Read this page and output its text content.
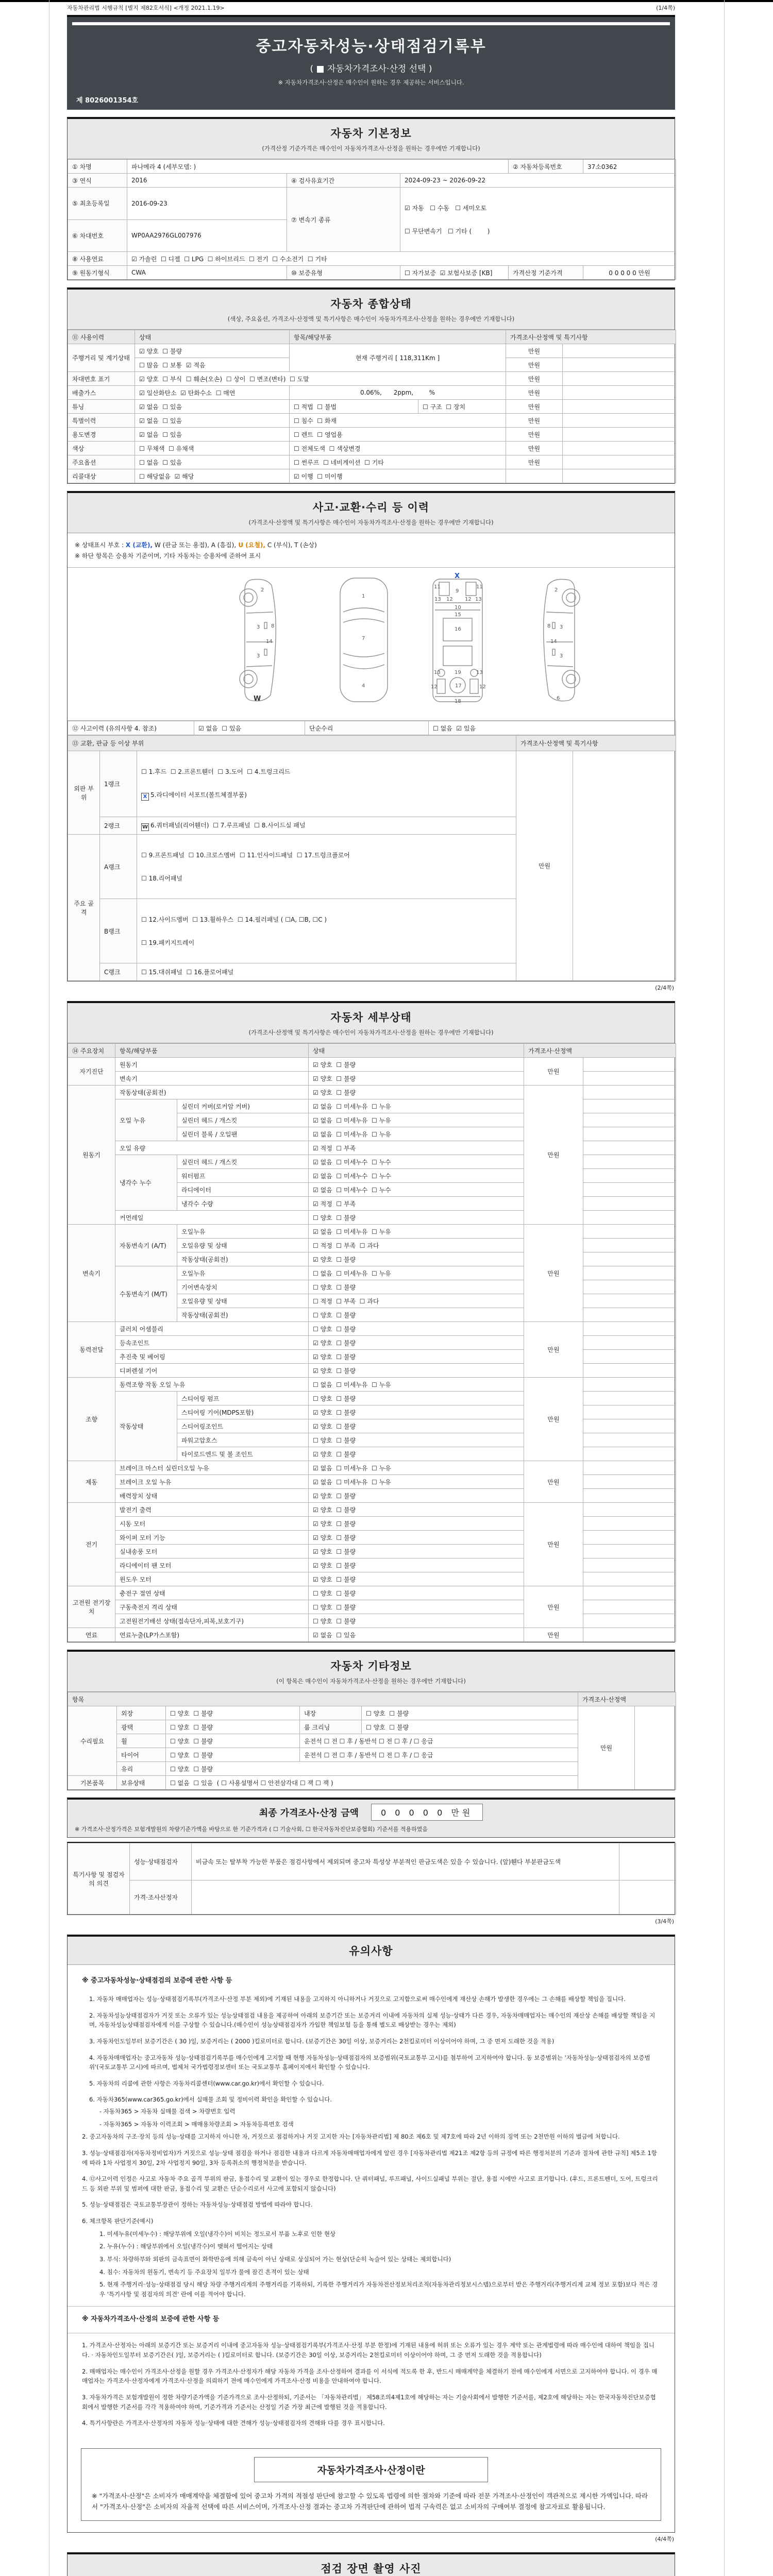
자동차관리법 시행규칙 [별지 제82호서식] <개정 2021.1.19>	(1/4쪽)
중고자동차성능·상태점검기록부
( ■ 자동차가격조사·산정 선택 )
※ 자동차가격조사·산정은 매수인이 원하는 경우 제공하는 서비스입니다.
제 8026001354호
자동차 기본정보
(가격산정 기준가격은 매수인이 자동차가격조사·산정을 원하는 경우에만 기재합니다)
① 차명	파나메라 4 (세부모델: )			② 자동차등록번호	37소0362
③ 연식	2016	④ 검사유효기간	2024-09-23 ~ 2026-09-22		
⑤ 최초등록일	2016-09-23	⑦ 변속기 종류	☑ 자동   ☐ 수동   ☐ 세미오토

☐ 무단변속기   ☐ 기타 (        )		

⑥ 차대번호	WP0AA2976GL007976				
⑧ 사용연료	☑ 가솔린  ☐ 디젤  ☐ LPG  ☐ 하이브리드  ☐ 전기  ☐ 수소전기  ☐ 기타				
⑨ 원동기형식	CWA	⑩ 보증유형	☐ 자가보증  ☑ 보험사보증 [KB]	가격산정 기준가격	0 0 0 0 0 만원
자동차 종합상태
(색상, 주요옵션, 가격조사·산정액 및 특기사항은 매수인이 자동차가격조사·산정을 원하는 경우에만 기재합니다)
⑪ 사용이력	상태	항목/해당부품		가격조사·산정액 및 특기사항	
주행거리 및 계기상태	☑ 양호  ☐ 불량	현재 주행거리 [ 118,311Km ]		만원	
	☐ 많음  ☐ 보통  ☑ 적음			만원	
차대번호 표기	☑ 양호  ☐ 부식  ☐ 훼손(오손)  ☐ 상이  ☐ 변조(변타)  ☐ 도말			만원	
배출가스	☑ 일산화탄소  ☑ 탄화수소  ☐ 매연	0.06%,      2ppm,        %		만원	
튜닝	☑ 없음  ☐ 있음	☐ 적법  ☐ 불법	☐ 구조  ☐ 장치	만원	
특별이력	☑ 없음  ☐ 있음	☐ 침수  ☐ 화재		만원	
용도변경	☑ 없음  ☐ 있음	☐ 렌트  ☐ 영업용		만원	
색상	☐ 무채색  ☐ 유채색	☐ 전체도색  ☐ 색상변경		만원	
주요옵션	☐ 없음  ☐ 있음	☐ 썬루프  ☐ 네비게이션  ☐ 기타		만원	
리콜대상	☐ 해당없음  ☑ 해당	☑ 이행  ☐ 미이행			
사고·교환·수리 등 이력
(가격조사·산정액 및 특기사항은 매수인이 자동차가격조사·산정을 원하는 경우에만 기재합니다)
※ 상태표시 부호 : X (교환), W (판금 또는 용접), A (흠집), U (요철), C (부식), T (손상)
※ 하단 항목은 승용차 기준이며, 기타 자동차는 승용차에 준하여 표시
2
8
3
14
3
1
7
4
11
9
11
13 12 12 13
10
15
16
13	19	13
12	17	12
18
2
8 3
14
3
6
X
W
⑫ 사고이력 (유의사항 4. 참조)	☑ 없음  ☐ 있음	단순수리	☐ 없음  ☑ 있음
⑬ 교환, 판금 등 이상 부위			가격조사·산정액 및 특기사항	
외판 부위	1랭크	☐ 1.후드  ☐ 2.프론트휀더  ☐ 3.도어  ☐ 4.트렁크리드

X 5.라디에이터 서포트(볼트체결부품)	만원	
	2랭크	W 6.쿼터패널(리어휀더)  ☐ 7.루프패널  ☐ 8.사이드실 패널		
주요 골격	A랭크	☐ 9.프론트패널  ☐ 10.크로스멤버  ☐ 11.인사이드패널  ☐ 17.트렁크플로어

☐ 18.리어패널		

	B랭크	☐ 12.사이드멤버  ☐ 13.휠하우스  ☐ 14.필러패널 ( ☐A, ☐B, ☐C )

☐ 19.패키지트레이		

	C랭크	☐ 15.대쉬패널  ☐ 16.플로어패널		
(2/4쪽)
자동차 세부상태
(가격조사·산정액 및 특기사항은 매수인이 자동차가격조사·산정을 원하는 경우에만 기재합니다)
⑭ 주요장치	항목/해당부품		상태	가격조사·산정액	
자기진단	원동기		☑ 양호  ☐ 불량	만원	
	변속기		☑ 양호  ☐ 불량		
원동기	작동상태(공회전)		☑ 양호  ☐ 불량	만원	
	오일 누유	실린더 커버(로커암 커버)	☑ 없음  ☐ 미세누유  ☐ 누유		
		실린더 헤드 / 개스킷	☑ 없음  ☐ 미세누유  ☐ 누유		
		실린더 블록 / 오일팬	☑ 없음  ☐ 미세누유  ☐ 누유		
	오일 유량		☑ 적정  ☐ 부족		
	냉각수 누수	실린더 헤드 / 개스킷	☑ 없음  ☐ 미세누수  ☐ 누수		
		워터펌프	☑ 없음  ☐ 미세누수  ☐ 누수		
		라디에이터	☑ 없음  ☐ 미세누수  ☐ 누수		
		냉각수 수량	☑ 적정  ☐ 부족		
	커먼레일		☐ 양호  ☐ 불량		
변속기	자동변속기 (A/T)	오일누유	☑ 없음  ☐ 미세누유  ☐ 누유	만원	
		오일유량 및 상태	☐ 적정  ☐ 부족  ☐ 과다		
		작동상태(공회전)	☑ 양호  ☐ 불량		
	수동변속기 (M/T)	오일누유	☐ 없음  ☐ 미세누유  ☐ 누유		
		기어변속장치	☐ 양호  ☐ 불량		
		오일유량 및 상태	☐ 적정  ☐ 부족  ☐ 과다		
		작동상태(공회전)	☐ 양호  ☐ 불량		
동력전달	클러치 어셈블리		☐ 양호  ☐ 불량	만원	
	등속조인트		☑ 양호  ☐ 불량		
	추진축 및 베어링		☑ 양호  ☐ 불량		
	디퍼렌셜 기어		☑ 양호  ☐ 불량		
조향	동력조향 작동 오일 누유		☐ 없음  ☐ 미세누유  ☐ 누유	만원	
	작동상태	스티어링 펌프	☐ 양호  ☐ 불량		
		스티어링 기어(MDPS포함)	☑ 양호  ☐ 불량		
		스티어링조인트	☑ 양호  ☐ 불량		
		파워고압호스	☐ 양호  ☐ 불량		
		타이로드엔드 및 볼 조인트	☑ 양호  ☐ 불량		
제동	브레이크 마스터 실린더오일 누유		☑ 없음  ☐ 미세누유  ☐ 누유	만원	
	브레이크 오일 누유		☑ 없음  ☐ 미세누유  ☐ 누유		
	배력장치 상태		☑ 양호  ☐ 불량		
전기	발전기 출력		☑ 양호  ☐ 불량	만원	
	시동 모터		☑ 양호  ☐ 불량		
	와이퍼 모터 기능		☑ 양호  ☐ 불량		
	실내송풍 모터		☑ 양호  ☐ 불량		
	라디에이터 팬 모터		☑ 양호  ☐ 불량		
	윈도우 모터		☑ 양호  ☐ 불량		
고전원 전기장치	충전구 절연 상태		☐ 양호  ☐ 불량	만원	
	구동축전지 격리 상태		☐ 양호  ☐ 불량		
	고전원전기배선 상태(접속단자,피복,보호기구)		☐ 양호  ☐ 불량		
연료	연료누출(LP가스포함)		☑ 없음  ☐ 있음	만원	
자동차 기타정보
(이 항목은 매수인이 자동차가격조사·산정을 원하는 경우에만 기재합니다)
항목					가격조사·산정액	
수리필요	외장	☐ 양호  ☐ 불량	내장	☐ 양호  ☐ 불량	만원	
	광택	☐ 양호  ☐ 불량	룸 크리닝	☐ 양호  ☐ 불량		
	휠	☐ 양호  ☐ 불량	운전석 ☐ 전 ☐ 후 / 동반석 ☐ 전 ☐ 후 / ☐ 응급			
	타이어	☐ 양호  ☐ 불량	운전석 ☐ 전 ☐ 후 / 동반석 ☐ 전 ☐ 후 / ☐ 응급			
	유리	☐ 양호  ☐ 불량				
기본품목	보유상태	☐ 없음  ☐ 있음  ( ☐ 사용설명서 ☐ 안전삼각대 ☐ 잭 ☐ 잭 )				
최종 가격조사·산정 금액	0 0 0 0 0 만원
※ 가격조사·산정가격은 보험개발원의 차량기준가액을 바탕으로 한 기준가격과 ( ☐ 기술사회, ☐ 한국자동차진단보증협회) 기준서를 적용하였음
특기사항 및 점검자의 의견	성능·상태점검자	비금속 또는 탈부착 가능한 부품은 점검사항에서 제외되며 중고차 특성상 부분적인 판금도색은 있을 수 있습니다. (앞)휀다 부분판금도색	
	가격·조사산정자		
(3/4쪽)
유의사항
※ 중고자동차성능·상태점검의 보증에 관한 사항 등

1. 자동차 매매업자는 성능·상태점검기록부(가격조사·산정 부분 제외)에 기재된 내용을 고지하지 아니하거나 거짓으로 고지함으로써 매수인에게 재산상 손해가 발생한 경우에는 그 손해를 배상할 책임을 집니다.

2. 자동차성능상태점검자가 거짓 또는 오류가 있는 성능상태점검 내용을 제공하여 아래의 보증기간 또는 보증거리 이내에 자동차의 실제 성능·상태가 다른 경우, 자동차매매업자는 매수인의 재산상 손해를 배상할 책임을 지며, 자동차성능상태점검자에게 이를 구상할 수 있습니다.(매수인이 성능상태점검자가 가입한 책임보험 등을 통해 별도로 배상받는 경우는 제외)

3. 자동차인도일부터 보증기간은 ( 30 )일, 보증거리는 ( 2000 )킬로미터로 합니다. (보증기간은 30일 이상, 보증거리는 2천킬로미터 이상이어야 하며, 그 중 먼저 도래한 것을 적용)

4. 자동차매매업자는 중고자동차 성능·상태점검기록부를 매수인에게 고지할 때 현행 자동차성능·상태점검자의 보증범위(국토교통부 고시)를 첨부하여 고지하여야 합니다. 동 보증범위는 '자동차성능·상태점검자의 보증범위'(국토교통부 고시)에 따르며, 법제처 국가법령정보센터 또는 국토교통부 홈페이지에서 확인할 수 있습니다.

5. 자동차의 리콜에 관한 사항은 자동차리콜센터(www.car.go.kr)에서 확인할 수 있습니다.

6. 자동차365(www.car365.go.kr)에서 실매물 조회 및 정비이력 확인을 확인할 수 있습니다.

- 자동차365 > 자동차 실매물 검색 > 차량번호 입력

- 자동차365 > 자동차 이력조회 > 매매용차량조회 > 자동차등록번호 검색

2. 중고자동차의 구조·장치 등의 성능·상태를 고지하지 아니한 자, 거짓으로 점검하거나 거짓 고지한 자는 [자동차관리법] 제 80조 제6호 및 제7호에 따라 2년 이하의 징역 또는 2천만원 이하의 벌금에 처합니다.

3. 성능·상태점검자(자동차정비업자)가 거짓으로 성능·상태 점검을 하거나 점검한 내용과 다르게 자동차매매업자에게 알린 경우 [자동차관리법 제21조 제2항 등의 규정에 따른 행정처분의 기준과 절차에 관한 규칙] 제5조 1항에 따라 1차 사업정지 30일, 2차 사업정지 90일, 3차 등록취소의 행정처분을 받습니다.

4. ⑫사고이력 인정은 사고로 자동차 주요 골격 부위의 판금, 용접수리 및 교환이 있는 경우로 한정합니다. 단 쿼터패널, 루프패널, 사이드실패널 부위는 절단, 용접 시에만 사고로 표기합니다. (후드, 프론트펜더, 도어, 트렁크리드 등 외판 부위 및 범퍼에 대한 판금, 용접수리 및 교환은 단순수리로서 사고에 포함되지 않습니다)

5. 성능·상태점검은 국토교통부장관이 정하는 자동차성능·상태점검 방법에 따라야 합니다.

6. 체크항목 판단기준(예시)

1. 미세누유(미세누수) : 해당부위에 오일(냉각수)이 비치는 정도로서 부품 노후로 인한 현상

2. 누유(누수) : 해당부위에서 오일(냉각수)이 맺혀서 떨어지는 상태

3. 부식: 차량하부와 외판의 금속표면이 화학반응에 의해 금속이 아닌 상태로 상실되어 가는 현상(단순히 녹슬어 있는 상태는 제외합니다)

4. 침수: 자동차의 원동기, 변속기 등 주요장치 일부가 물에 잠긴 흔적이 있는 상태

5. 현재 주행거리·성능·상태점검 당시 해당 차량 주행거리계의 주행거리를 기록하되, 기록한 주행거리가 자동차전산정보처리조직(자동차관리정보시스템)으로부터 받은 주행거리(주행거리계 교체 정보 포함)보다 적은 경우 '특기사항 및 점검자의 의견' 란에 이를 적어야 합니다.

※ 자동차가격조사·산정의 보증에 관한 사항 등

1. 가격조사·산정자는 아래의 보증기간 또는 보증거리 이내에 중고자동차 성능·상태점검기록부(가격조사·산정 부분 한정)에 기재된 내용에 허위 또는 오류가 있는 경우 계약 또는 관계법령에 따라 매수인에 대하여 책임을 집니다. · 자동차인도일부터 보증기간은( )일, 보증거리는 ( )킬로미터로 합니다. (보증기간은 30일 이상, 보증거리는 2천킬로미터 이상이어야 하며, 그 중 먼저 도래한 것을 적용합니다)

2. 매매업자는 매수인이 가격조사·산정을 원할 경우 가격조사·산정자가 해당 자동차 가격을 조사·산정하여 결과를 이 서식에 적도록 한 후, 반드시 매매계약을 체결하기 전에 매수인에게 서면으로 고지하여야 합니다. 이 경우 매매업자는 가격조사·산정자에게 가격조사·산정을 의뢰하기 전에 매수인에게 가격조사·산정 비용을 안내하여야 합니다.

3. 자동차가격은 보험개발원이 정한 차량기준가액을 기준가격으로 조사·산정하되, 기준서는 「자동차관리법」 제58조의4제1호에 해당하는 자는 기술사회에서 발행한 기준서를, 제2호에 해당하는 자는 한국자동차진단보증협회에서 발행한 기준서를 각각 적용하여야 하며, 기준가격과 기준서는 산정일 기준 가장 최근에 발행된 것을 적용합니다.

4. 특기사항란은 가격조사·산정자의 자동차 성능·상태에 대한 견해가 성능·상태점검자의 견해와 다를 경우 표시합니다.

자동차가격조사·산정이란
※ "가격조사·산정"은 소비자가 매매계약을 체결함에 있어 중고차 가격의 적절성 판단에 참고할 수 있도록 법령에 의한 절차와 기준에 따라 전문 가격조사·산정인이 객관적으로 제시한 가액입니다. 따라서 "가격조사·산정"은 소비자의 자율적 선택에 따른 서비스이며, 가격조사·산정 결과는 중고차 가격판단에 관하여 법적 구속력은 없고 소비자의 구매여부 결정에 참고자료로 활용됩니다.
(4/4쪽)
점검 장면 촬영 사진
